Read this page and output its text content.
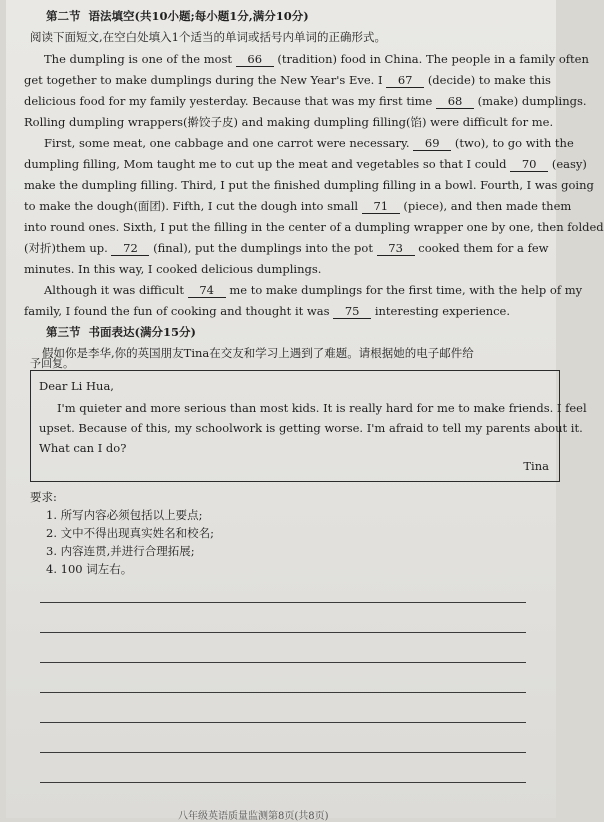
第二节 语法填空(共10小题;每小题1分,满分10分)
阅读下面短文,在空白处填入1个适当的单词或括号内单词的正确形式。
The dumpling is one of the most 66 (tradition) food in China. The people in a family often
get together to make dumplings during the New Year's Eve. I 67 (decide) to make this
delicious food for my family yesterday. Because that was my first time 68 (make) dumplings.
Rolling dumpling wrappers(擀饺子皮) and making dumpling filling(馅) were difficult for me.
First, some meat, one cabbage and one carrot were necessary. 69 (two), to go with the
dumpling filling, Mom taught me to cut up the meat and vegetables so that I could 70 (easy)
make the dumpling filling. Third, I put the finished dumpling filling in a bowl. Fourth, I was going
to make the dough(面团). Fifth, I cut the dough into small 71 (piece), and then made them
into round ones. Sixth, I put the filling in the center of a dumpling wrapper one by one, then folded
(对折)them up. 72 (final), put the dumplings into the pot 73 cooked them for a few
minutes. In this way, I cooked delicious dumplings.
Although it was difficult 74 me to make dumplings for the first time, with the help of my
family, I found the fun of cooking and thought it was 75 interesting experience.
第三节 书面表达(满分15分)
假如你是李华,你的英国朋友Tina在交友和学习上遇到了难题。请根据她的电子邮件给
予回复。
Dear Li Hua,
I'm quieter and more serious than most kids. It is really hard for me to make friends. I feel
upset. Because of this, my schoolwork is getting worse. I'm afraid to tell my parents about it.
What can I do?
Tina
要求:
1. 所写内容必须包括以上要点;
2. 文中不得出现真实姓名和校名;
3. 内容连贯,并进行合理拓展;
4. 100 词左右。
八年级英语质量监测第8页(共8页)
